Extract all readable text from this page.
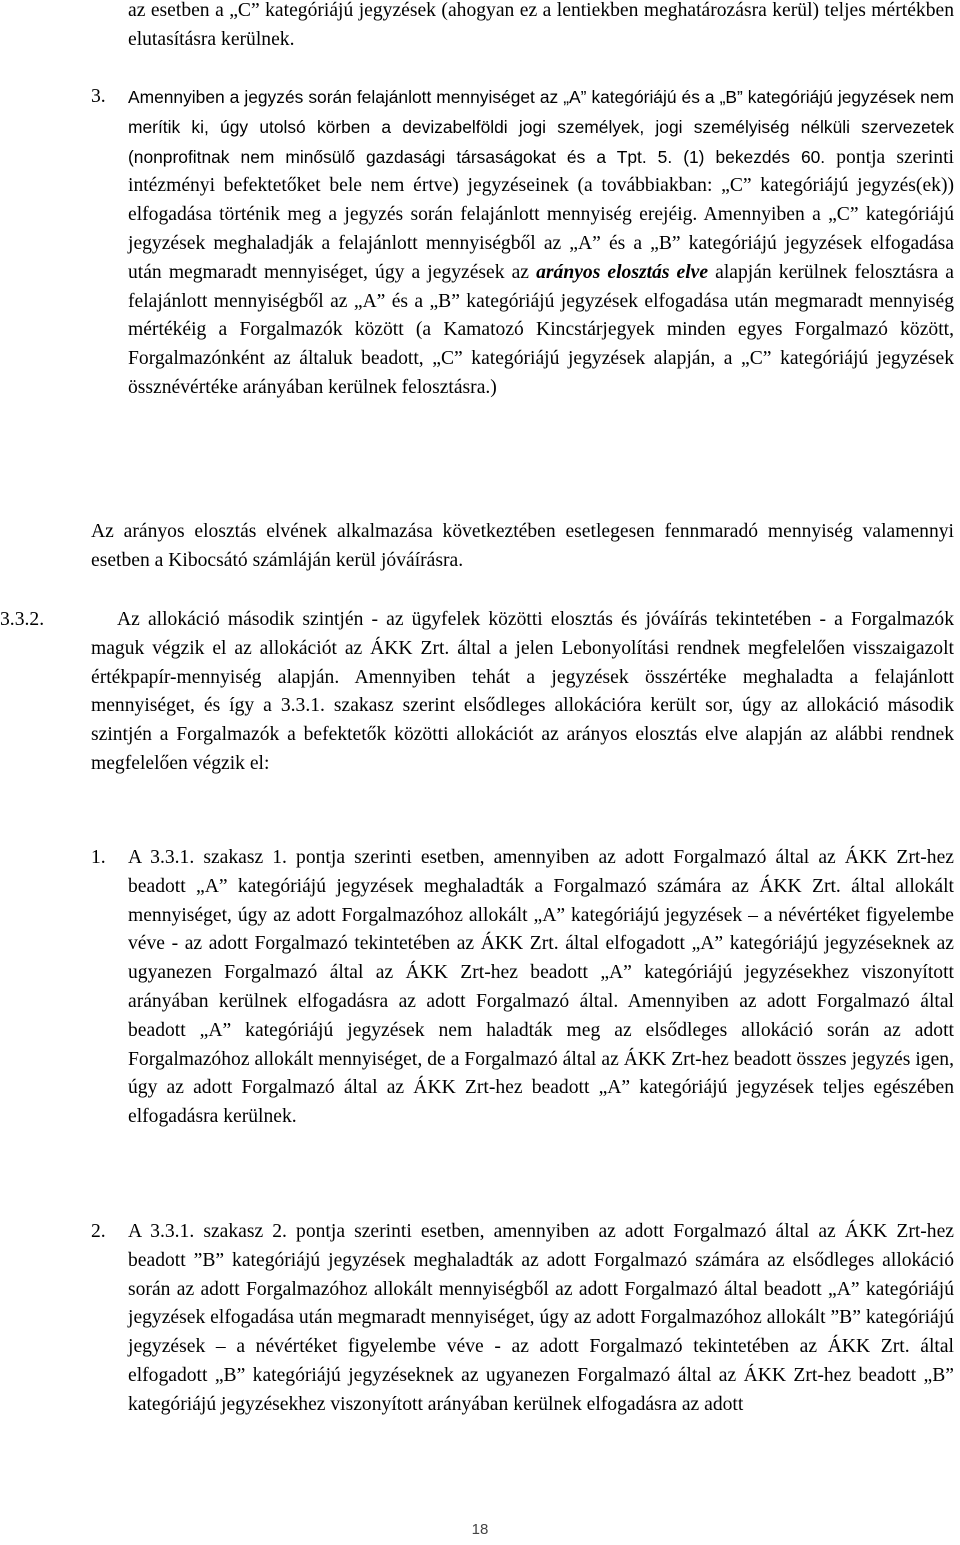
az esetben a „C” kategóriájú jegyzések (ahogyan ez a lentiekben meghatározásra kerül) teljes mértékben elutasításra kerülnek.

3. Amennyiben a jegyzés során felajánlott mennyiséget az „A” kategóriájú és a „B” kategóriájú jegyzések nem merítik ki, úgy utolsó körben a devizabelföldi jogi személyek, jogi személyiség nélküli szervezetek (nonprofitnak nem minősülő gazdasági társaságokat és a Tpt. 5. (1) bekezdés 60. pontja szerinti intézményi befektetőket bele nem értve) jegyzéseinek (a továbbiakban: „C” kategóriájú jegyzés(ek)) elfogadása történik meg a jegyzés során felajánlott mennyiség erejéig. Amennyiben a „C” kategóriájú jegyzések meghaladják a felajánlott mennyiségből az „A” és a „B” kategóriájú jegyzések elfogadása után megmaradt mennyiséget, úgy a jegyzések az arányos elosztás elve alapján kerülnek felosztásra a felajánlott mennyiségből az „A” és a „B” kategóriájú jegyzések elfogadása után megmaradt mennyiség mértékéig a Forgalmazók között (a Kamatozó Kincstárjegyek minden egyes Forgalmazó között, Forgalmazónként az általuk beadott, „C” kategóriájú jegyzések alapján, a „C” kategóriájú jegyzések össznévértéke arányában kerülnek felosztásra.)

Az arányos elosztás elvének alkalmazása következtében esetlegesen fennmaradó mennyiség valamennyi esetben a Kibocsátó számláján kerül jóváírásra.

3.3.2.	Az allokáció második szintjén - az ügyfelek közötti elosztás és jóváírás tekintetében - a Forgalmazók maguk végzik el az allokációt az ÁKK Zrt. által a jelen Lebonyolítási rendnek megfelelően visszaigazolt értékpapír-mennyiség alapján. Amennyiben tehát a jegyzések összértéke meghaladta a felajánlott mennyiséget, és így a 3.3.1. szakasz szerint elsődleges allokációra került sor, úgy az allokáció második szintjén a Forgalmazók a befektetők közötti allokációt az arányos elosztás elve alapján az alábbi rendnek megfelelően végzik el:

1. A 3.3.1. szakasz 1. pontja szerinti esetben, amennyiben az adott Forgalmazó által az ÁKK Zrt-hez beadott „A” kategóriájú jegyzések meghaladták a Forgalmazó számára az ÁKK Zrt. által allokált mennyiséget, úgy az adott Forgalmazóhoz allokált „A” kategóriájú jegyzések – a névértéket figyelembe véve - az adott Forgalmazó tekintetében az ÁKK Zrt. által elfogadott „A” kategóriájú jegyzéseknek az ugyanezen Forgalmazó által az ÁKK Zrt-hez beadott „A” kategóriájú jegyzésekhez viszonyított arányában kerülnek elfogadásra az adott Forgalmazó által. Amennyiben az adott Forgalmazó által beadott „A” kategóriájú jegyzések nem haladták meg az elsődleges allokáció során az adott Forgalmazóhoz allokált mennyiséget, de a Forgalmazó által az ÁKK Zrt-hez beadott összes jegyzés igen, úgy az adott Forgalmazó által az ÁKK Zrt-hez beadott „A” kategóriájú jegyzések teljes egészében elfogadásra kerülnek.

2. A 3.3.1. szakasz 2. pontja szerinti esetben, amennyiben az adott Forgalmazó által az ÁKK Zrt-hez beadott ”B” kategóriájú jegyzések meghaladták az adott Forgalmazó számára az elsődleges allokáció során az adott Forgalmazóhoz allokált mennyiségből az adott Forgalmazó által beadott „A” kategóriájú jegyzések elfogadása után megmaradt mennyiséget, úgy az adott Forgalmazóhoz allokált ”B” kategóriájú jegyzések – a névértéket figyelembe véve - az adott Forgalmazó tekintetében az ÁKK Zrt. által elfogadott „B” kategóriájú jegyzéseknek az ugyanezen Forgalmazó által az ÁKK Zrt-hez beadott „B” kategóriájú jegyzésekhez viszonyított arányában kerülnek elfogadásra az adott

18
